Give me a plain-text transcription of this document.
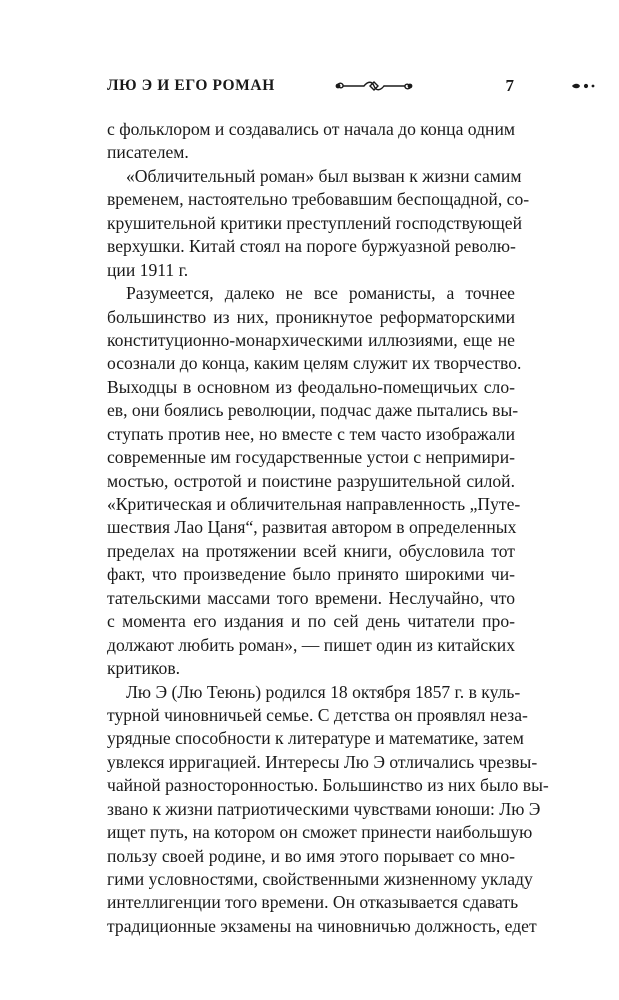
ЛЮ Э И ЕГО РОМАН	7
с фольклором и создавались от начала до конца одним
писателем.
«Обличительный роман» был вызван к жизни самим
временем, настоятельно требовавшим беспощадной, со-
крушительной критики преступлений господствующей
верхушки. Китай стоял на пороге буржуазной револю-
ции 1911 г.
Разумеется, далеко не все романисты, а точнее
большинство из них, проникнутое реформаторскими
конституционно-монархическими иллюзиями, еще не
осознали до конца, каким целям служит их творчество.
Выходцы в основном из феодально-помещичьих сло-
ев, они боялись революции, подчас даже пытались вы-
ступать против нее, но вместе с тем часто изображали
современные им государственные устои с непримири-
мостью, остротой и поистине разрушительной силой.
«Критическая и обличительная направленность „Путе-
шествия Лао Цаня“, развитая автором в определенных
пределах на протяжении всей книги, обусловила тот
факт, что произведение было принято широкими чи-
тательскими массами того времени. Неслучайно, что
с момента его издания и по сей день читатели про-
должают любить роман», — пишет один из китайских
критиков.
Лю Э (Лю Теюнь) родился 18 октября 1857 г. в куль-
турной чиновничьей семье. С детства он проявлял неза-
урядные способности к литературе и математике, затем
увлекся ирригацией. Интересы Лю Э отличались чрезвы-
чайной разносторонностью. Большинство из них было вы-
звано к жизни патриотическими чувствами юноши: Лю Э
ищет путь, на котором он сможет принести наибольшую
пользу своей родине, и во имя этого порывает со мно-
гими условностями, свойственными жизненному укладу
интеллигенции того времени. Он отказывается сдавать
традиционные экзамены на чиновничью должность, едет
